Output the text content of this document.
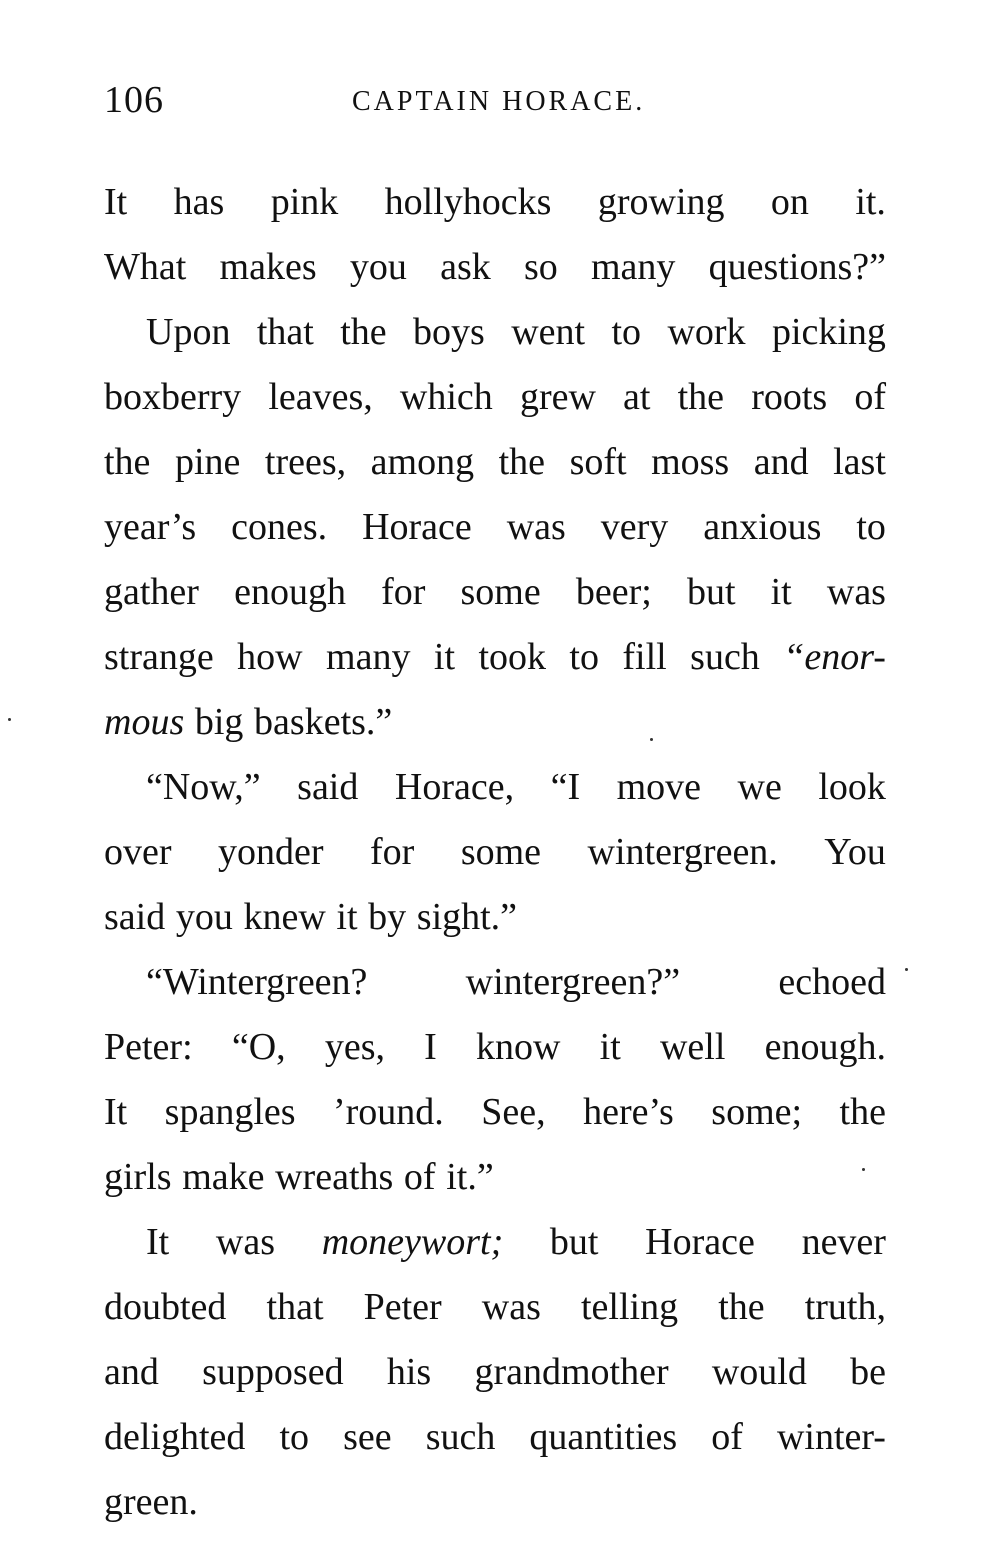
106	CAPTAIN HORACE.
It has pink hollyhocks growing on it.
What makes you ask so many questions?”
Upon that the boys went to work picking
boxberry leaves, which grew at the roots of
the pine trees, among the soft moss and last
year’s cones. Horace was very anxious to
gather enough for some beer; but it was
strange how many it took to fill such “enor-
mous big baskets.”
“Now,” said Horace, “I move we look
over yonder for some wintergreen. You
said you knew it by sight.”
“Wintergreen?	wintergreen?”	echoed
Peter: “O, yes, I know it well enough.
It spangles ’round. See, here’s some; the
girls make wreaths of it.”
It was moneywort; but Horace never
doubted that Peter was telling the truth,
and supposed his grandmother would be
delighted to see such quantities of winter-
green.
